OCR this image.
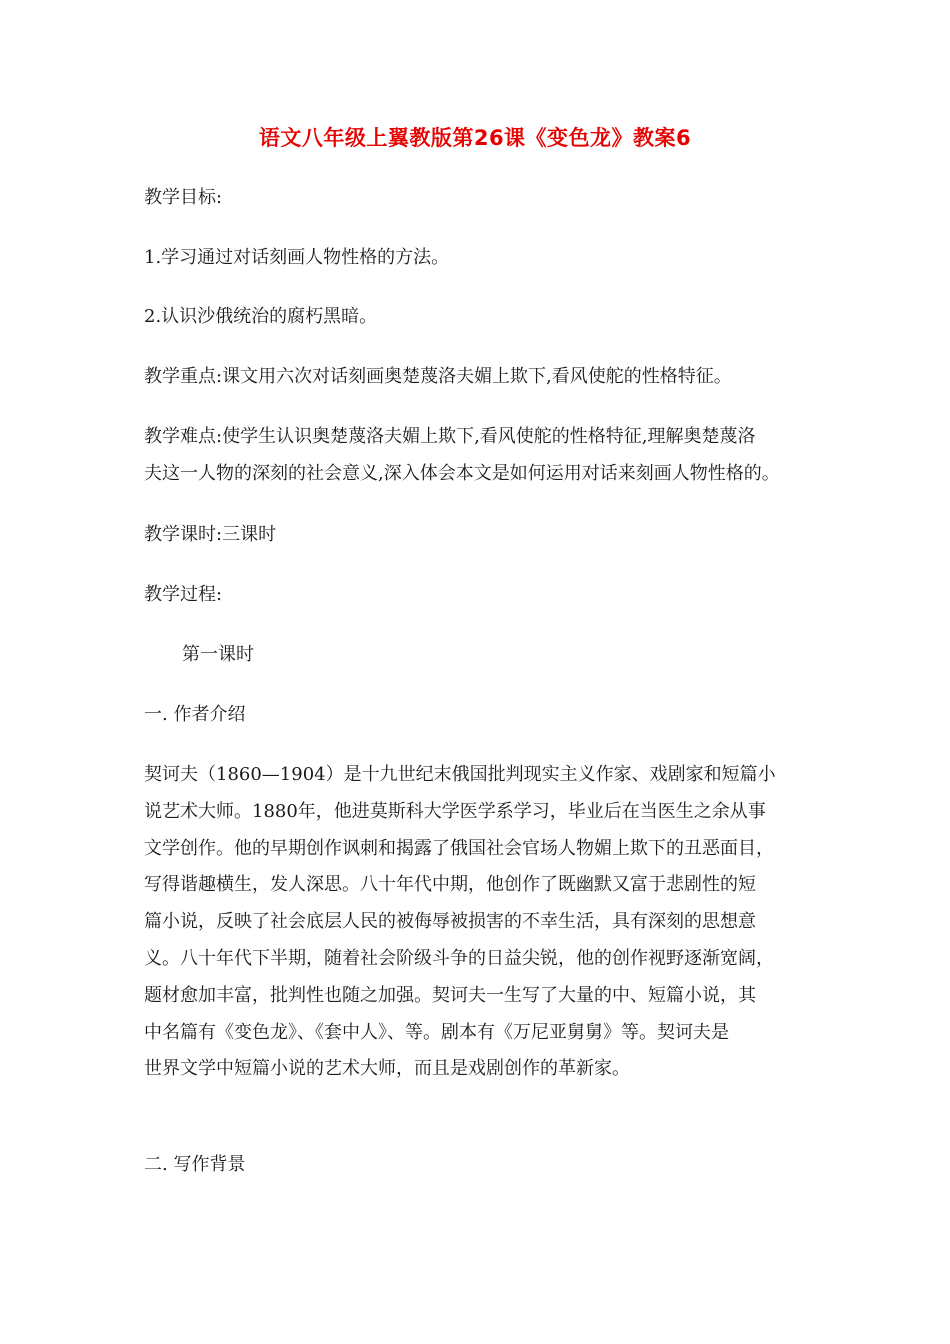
语文八年级上翼教版第26课《变色龙》教案6
教学目标:
1.学习通过对话刻画人物性格的方法。
2.认识沙俄统治的腐朽黑暗。
教学重点:课文用六次对话刻画奥楚蔑洛夫媚上欺下,看风使舵的性格特征。
教学难点:使学生认识奥楚蔑洛夫媚上欺下,看风使舵的性格特征,理解奥楚蔑洛
夫这一人物的深刻的社会意义,深入体会本文是如何运用对话来刻画人物性格的。
教学课时:三课时
教学过程:
第一课时
一. 作者介绍
契诃夫（1860—1904）是十九世纪末俄国批判现实主义作家、戏剧家和短篇小
说艺术大师。1880年，他进莫斯科大学医学系学习，毕业后在当医生之余从事
文学创作。他的早期创作讽刺和揭露了俄国社会官场人物媚上欺下的丑恶面目，
写得谐趣横生，发人深思。八十年代中期，他创作了既幽默又富于悲剧性的短
篇小说，反映了社会底层人民的被侮辱被损害的不幸生活，具有深刻的思想意
义。八十年代下半期，随着社会阶级斗争的日益尖锐，他的创作视野逐渐宽阔，
题材愈加丰富，批判性也随之加强。契诃夫一生写了大量的中、短篇小说，其
中名篇有《变色龙》、《套中人》、等。剧本有《万尼亚舅舅》等。契诃夫是
世界文学中短篇小说的艺术大师，而且是戏剧创作的革新家。
二. 写作背景
